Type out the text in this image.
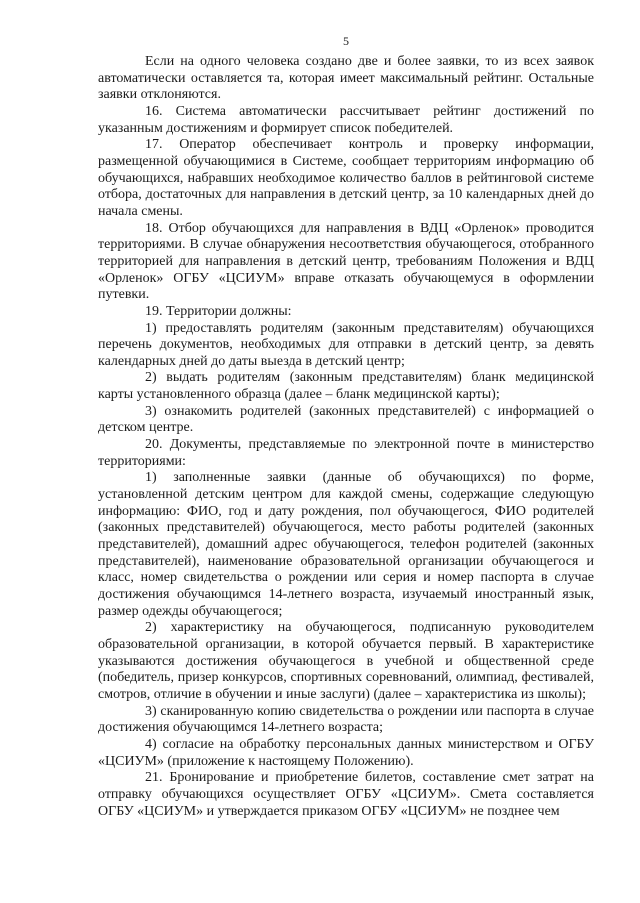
5

Если на одного человека создано две и более заявки, то из всех заявок автоматически оставляется та, которая имеет максимальный рейтинг. Остальные заявки отклоняются.

16. Система автоматически рассчитывает рейтинг достижений по указанным достижениям и формирует список победителей.

17. Оператор обеспечивает контроль и проверку информации, размещенной обучающимися в Системе, сообщает территориям информацию об обучающихся, набравших необходимое количество баллов в рейтинговой системе отбора, достаточных для направления в детский центр, за 10 календарных дней до начала смены.

18. Отбор обучающихся для направления в ВДЦ «Орленок» проводится территориями. В случае обнаружения несоответствия обучающегося, отобранного территорией для направления в детский центр, требованиям Положения и ВДЦ «Орленок» ОГБУ «ЦСИУМ» вправе отказать обучающемуся в оформлении путевки.

19. Территории должны:

1) предоставлять родителям (законным представителям) обучающихся перечень документов, необходимых для отправки в детский центр, за девять календарных дней до даты выезда в детский центр;

2) выдать родителям (законным представителям) бланк медицинской карты установленного образца (далее – бланк медицинской карты);

3) ознакомить родителей (законных представителей) с информацией о детском центре.

20. Документы, представляемые по электронной почте в министерство территориями:

1) заполненные заявки (данные об обучающихся) по форме, установленной детским центром для каждой смены, содержащие следующую информацию: ФИО, год и дату рождения, пол обучающегося, ФИО родителей (законных представителей) обучающегося, место работы родителей (законных представителей), домашний адрес обучающегося, телефон родителей (законных представителей), наименование образовательной организации обучающегося и класс, номер свидетельства о рождении или серия и номер паспорта в случае достижения обучающимся 14-летнего возраста, изучаемый иностранный язык, размер одежды обучающегося;

2) характеристику на обучающегося, подписанную руководителем образовательной организации, в которой обучается первый. В характеристике указываются достижения обучающегося в учебной и общественной среде (победитель, призер конкурсов, спортивных соревнований, олимпиад, фестивалей, смотров, отличие в обучении и иные заслуги) (далее – характеристика из школы);

3) сканированную копию свидетельства о рождении или паспорта в случае достижения обучающимся 14-летнего возраста;

4) согласие на обработку персональных данных министерством и ОГБУ «ЦСИУМ» (приложение к настоящему Положению).

21. Бронирование и приобретение билетов, составление смет затрат на отправку обучающихся осуществляет ОГБУ «ЦСИУМ». Смета составляется ОГБУ «ЦСИУМ» и утверждается приказом ОГБУ «ЦСИУМ» не позднее чем
